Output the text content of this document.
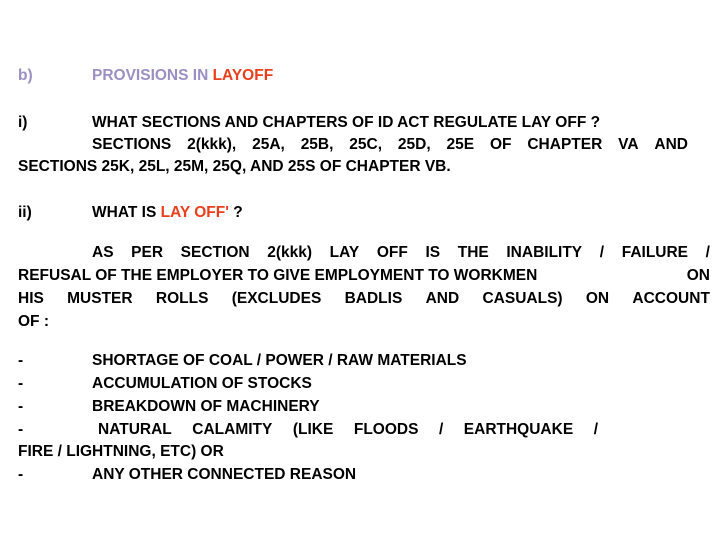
b)	PROVISIONS IN LAYOFF
i)	WHAT SECTIONS AND CHAPTERS OF ID ACT REGULATE LAY OFF ?
SECTIONS 2(kkk), 25A, 25B, 25C, 25D, 25E OF CHAPTER VA AND
SECTIONS 25K, 25L, 25M, 25Q, AND 25S OF CHAPTER VB.
ii)	WHAT IS LAY OFF' ?
AS PER SECTION 2(kkk) LAY OFF IS THE INABILITY / FAILURE /
REFUSAL OF THE EMPLOYER TO GIVE EMPLOYMENT TO WORKMEN	ON
HIS MUSTER ROLLS (EXCLUDES BADLIS AND CASUALS) ON ACCOUNT
OF :
-	SHORTAGE OF COAL / POWER / RAW MATERIALS
-	ACCUMULATION OF STOCKS
-	BREAKDOWN OF MACHINERY
-	NATURAL CALAMITY (LIKE FLOODS / EARTHQUAKE /
FIRE / LIGHTNING, ETC) OR
-	ANY OTHER CONNECTED REASON
